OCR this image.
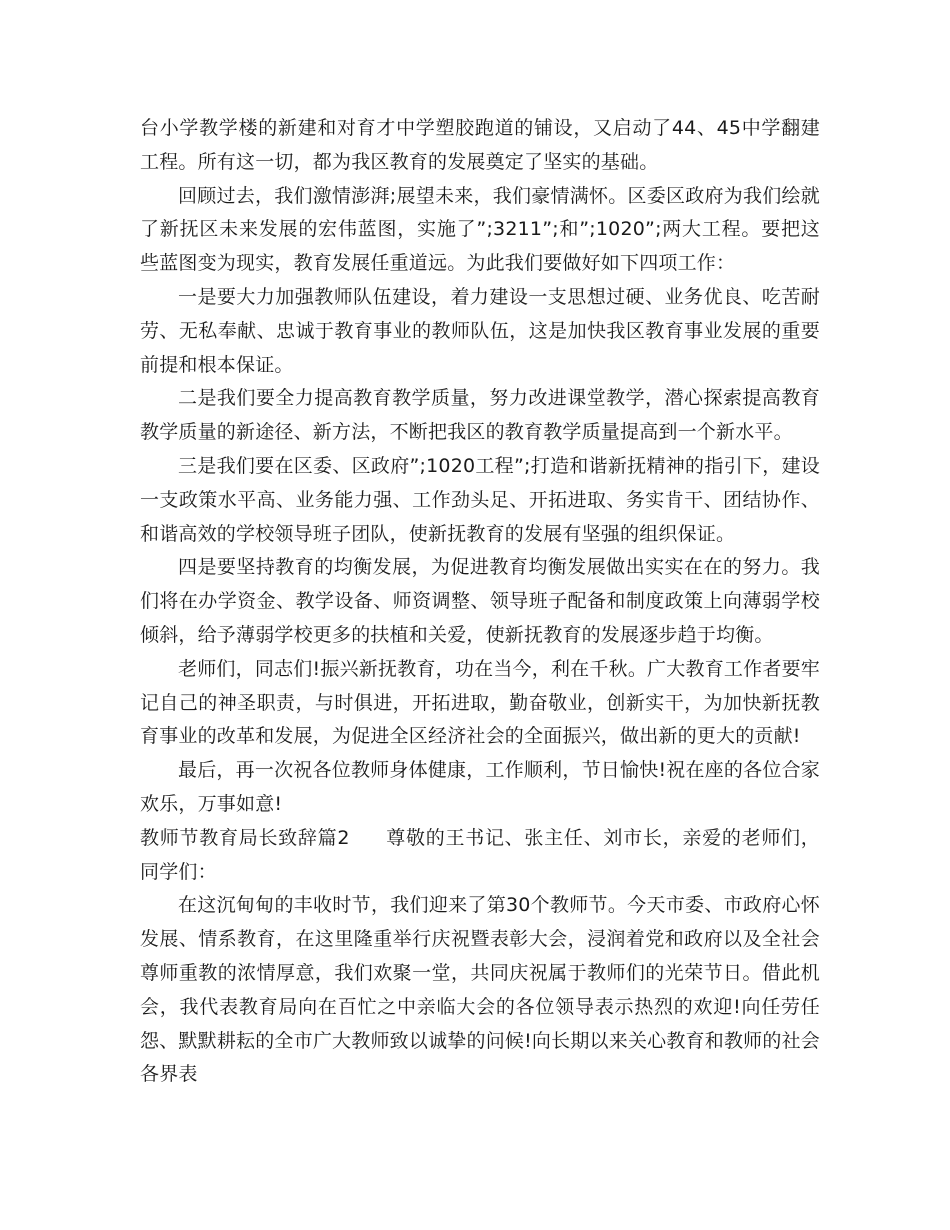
台小学教学楼的新建和对育才中学塑胶跑道的铺设，又启动了44、45中学翻建工程。所有这一切，都为我区教育的发展奠定了坚实的基础。

回顾过去，我们激情澎湃;展望未来，我们豪情满怀。区委区政府为我们绘就了新抚区未来发展的宏伟蓝图，实施了”;3211”;和”;1020”;两大工程。要把这些蓝图变为现实，教育发展任重道远。为此我们要做好如下四项工作：

一是要大力加强教师队伍建设，着力建设一支思想过硬、业务优良、吃苦耐劳、无私奉献、忠诚于教育事业的教师队伍，这是加快我区教育事业发展的重要前提和根本保证。

二是我们要全力提高教育教学质量，努力改进课堂教学，潜心探索提高教育教学质量的新途径、新方法，不断把我区的教育教学质量提高到一个新水平。

三是我们要在区委、区政府”;1020工程”;打造和谐新抚精神的指引下，建设一支政策水平高、业务能力强、工作劲头足、开拓进取、务实肯干、团结协作、和谐高效的学校领导班子团队，使新抚教育的发展有坚强的组织保证。

四是要坚持教育的均衡发展，为促进教育均衡发展做出实实在在的努力。我们将在办学资金、教学设备、师资调整、领导班子配备和制度政策上向薄弱学校倾斜，给予薄弱学校更多的扶植和关爱，使新抚教育的发展逐步趋于均衡。

老师们，同志们!振兴新抚教育，功在当今，利在千秋。广大教育工作者要牢记自己的神圣职责，与时俱进，开拓进取，勤奋敬业，创新实干，为加快新抚教育事业的改革和发展，为促进全区经济社会的全面振兴，做出新的更大的贡献!

最后，再一次祝各位教师身体健康，工作顺利，节日愉快!祝在座的各位合家欢乐，万事如意!

教师节教育局长致辞篇2 尊敬的王书记、张主任、刘市长，亲爱的老师们，同学们：

在这沉甸甸的丰收时节，我们迎来了第30个教师节。今天市委、市政府心怀发展、情系教育，在这里隆重举行庆祝暨表彰大会，浸润着党和政府以及全社会尊师重教的浓情厚意，我们欢聚一堂，共同庆祝属于教师们的光荣节日。借此机会，我代表教育局向在百忙之中亲临大会的各位领导表示热烈的欢迎!向任劳任怨、默默耕耘的全市广大教师致以诚挚的问候!向长期以来关心教育和教师的社会各界表
